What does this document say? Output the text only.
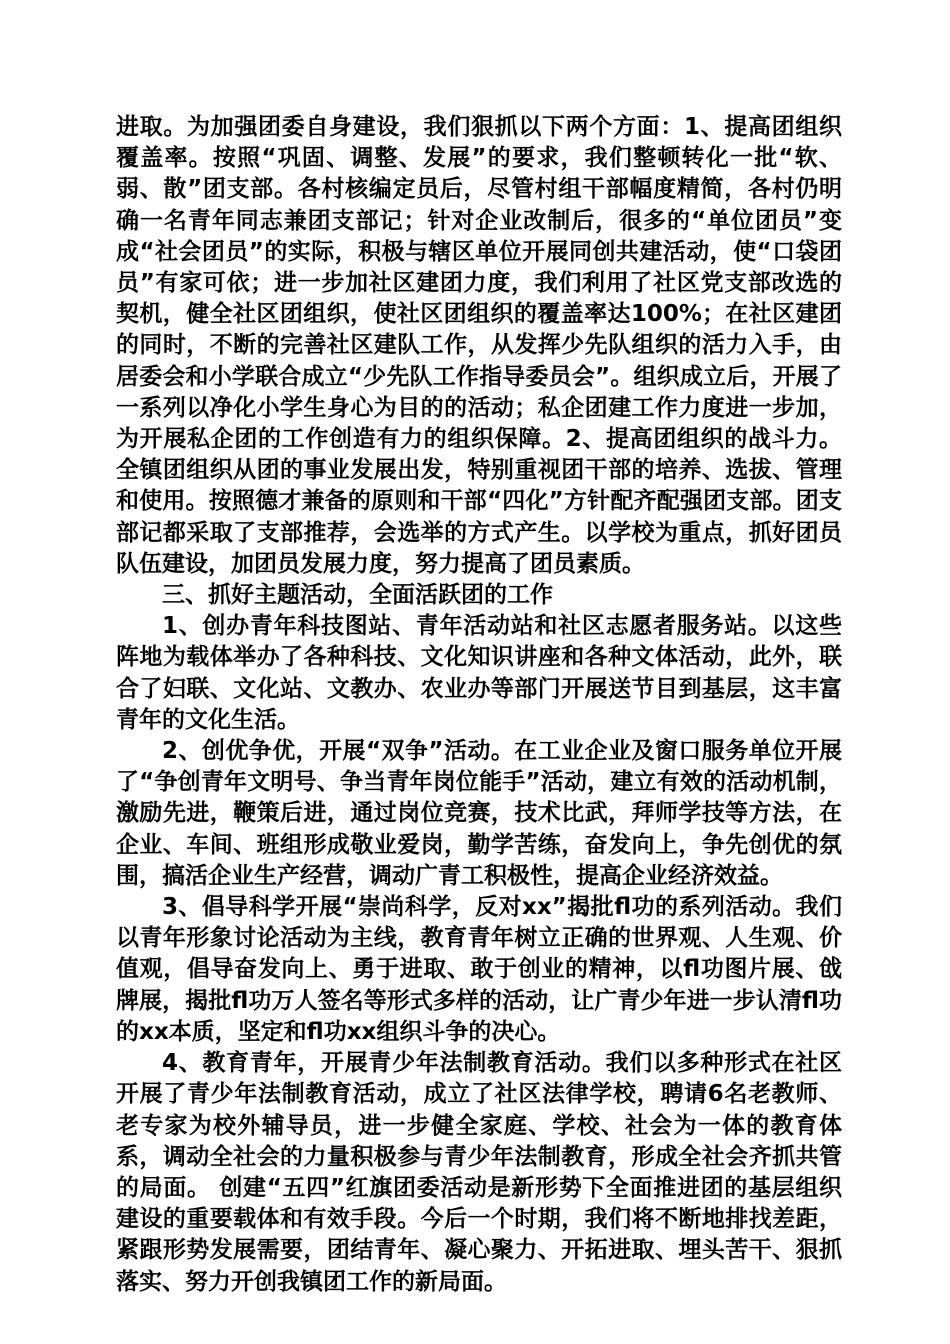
进取。为加强团委自身建设，我们狠抓以下两个方面：1、提高团组织覆盖率。按照“巩固、调整、发展”的要求，我们整顿转化一批“软、弱、散”团支部。各村核编定员后，尽管村组干部幅度精简，各村仍明确一名青年同志兼团支部记；针对企业改制后，很多的“单位团员”变成“社会团员”的实际，积极与辖区单位开展同创共建活动，使“口袋团员”有家可依；进一步加社区建团力度，我们利用了社区党支部改选的契机，健全社区团组织，使社区团组织的覆盖率达100%；在社区建团的同时，不断的完善社区建队工作，从发挥少先队组织的活力入手，由居委会和小学联合成立“少先队工作指导委员会”。组织成立后，开展了一系列以净化小学生身心为目的的活动；私企团建工作力度进一步加，为开展私企团的工作创造有力的组织保障。2、提高团组织的战斗力。全镇团组织从团的事业发展出发，特别重视团干部的培养、选拔、管理和使用。按照德才兼备的原则和干部“四化”方针配齐配强团支部。团支部记都采取了支部推荐，会选举的方式产生。以学校为重点，抓好团员队伍建设，加团员发展力度，努力提高了团员素质。

三、抓好主题活动，全面活跃团的工作

1、创办青年科技图站、青年活动站和社区志愿者服务站。以这些阵地为载体举办了各种科技、文化知识讲座和各种文体活动，此外，联合了妇联、文化站、文教办、农业办等部门开展送节目到基层，这丰富青年的文化生活。

2、创优争优，开展“双争”活动。在工业企业及窗口服务单位开展了“争创青年文明号、争当青年岗位能手”活动，建立有效的活动机制，激励先进，鞭策后进，通过岗位竞赛，技术比武，拜师学技等方法，在企业、车间、班组形成敬业爱岗，勤学苦练，奋发向上，争先创优的氛围，搞活企业生产经营，调动广青工积极性，提高企业经济效益。

3、倡导科学开展“崇尚科学，反对xx”揭批fl功的系列活动。我们以青年形象讨论活动为主线，教育青年树立正确的世界观、人生观、价值观，倡导奋发向上、勇于进取、敢于创业的精神，以fl功图片展、戗牌展，揭批fl功万人签名等形式多样的活动，让广青少年进一步认清fl功的xx本质，坚定和fl功xx组织斗争的决心。

4、教育青年，开展青少年法制教育活动。我们以多种形式在社区开展了青少年法制教育活动，成立了社区法律学校，聘请6名老教师、老专家为校外辅导员，进一步健全家庭、学校、社会为一体的教育体系，调动全社会的力量积极参与青少年法制教育，形成全社会齐抓共管的局面。 创建“五四”红旗团委活动是新形势下全面推进团的基层组织建设的重要载体和有效手段。今后一个时期，我们将不断地排找差距，紧跟形势发展需要，团结青年、凝心聚力、开拓进取、埋头苦干、狠抓落实、努力开创我镇团工作的新局面。
